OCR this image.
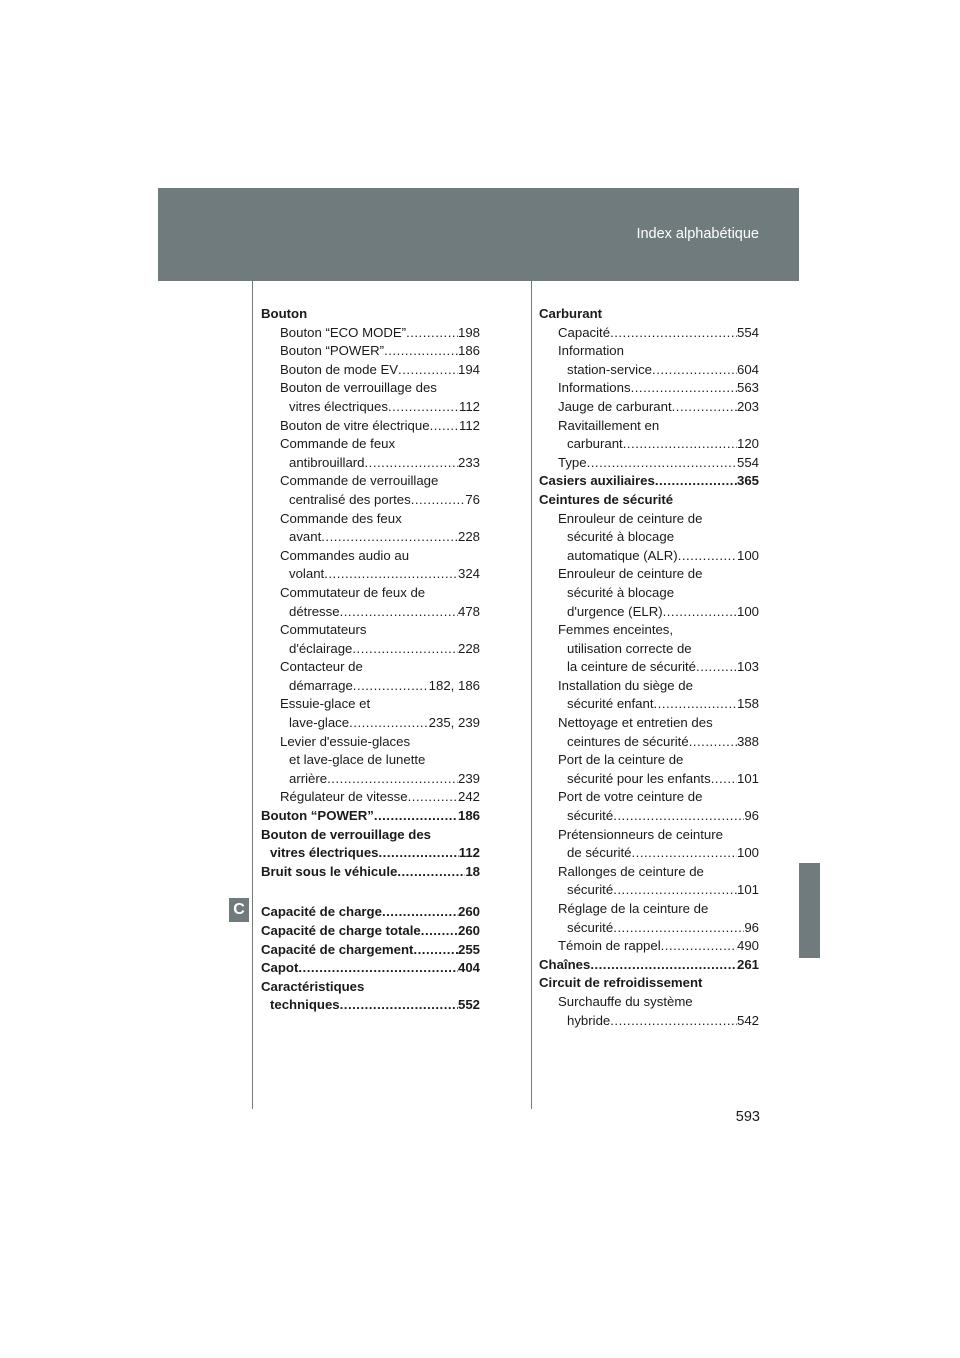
Index alphabétique
C
Bouton
Bouton “ECO MODE” .....	198
Bouton “POWER” .....	186
Bouton de mode EV .....	194
Bouton de verrouillage des
vitres électriques .....	112
Bouton de vitre électrique ..... 112
Commande de feux
antibrouillard .....	233
Commande de verrouillage
centralisé des portes .....	76
Commande des feux
avant .....	228
Commandes audio au
volant .....	324
Commutateur de feux de
détresse .....	478
Commutateurs
d'éclairage .....	228
Contacteur de
démarrage .....	182, 186
Essuie-glace et
lave-glace .....	235, 239
Levier d'essuie-glaces
et lave-glace de lunette
arrière .....	239
Régulateur de vitesse .....	242
Bouton “POWER” .....	186
Bouton de verrouillage des
vitres électriques .....	112
Bruit sous le véhicule .....	18
Capacité de charge .....	260
Capacité de charge totale .....	260
Capacité de chargement .....	255
Capot .....	404
Caractéristiques
techniques .....	552
Carburant
Capacité .....	554
Information
station-service .....	604
Informations .....	563
Jauge de carburant .....	203
Ravitaillement en
carburant .....	120
Type .....	554
Casiers auxiliaires .....	365
Ceintures de sécurité
Enrouleur de ceinture de
sécurité à blocage
automatique (ALR) .....	100
Enrouleur de ceinture de
sécurité à blocage
d'urgence (ELR) .....	100
Femmes enceintes,
utilisation correcte de
la ceinture de sécurité .....	103
Installation du siège de
sécurité enfant .....	158
Nettoyage et entretien des
ceintures de sécurité .....	388
Port de la ceinture de
sécurité pour les enfants ..... 101
Port de votre ceinture de
sécurité .....	96
Prétensionneurs de ceinture
de sécurité .....	100
Rallonges de ceinture de
sécurité .....	101
Réglage de la ceinture de
sécurité .....	96
Témoin de rappel .....	490
Chaînes .....	261
Circuit de refroidissement
Surchauffe du système
hybride .....	542
593
